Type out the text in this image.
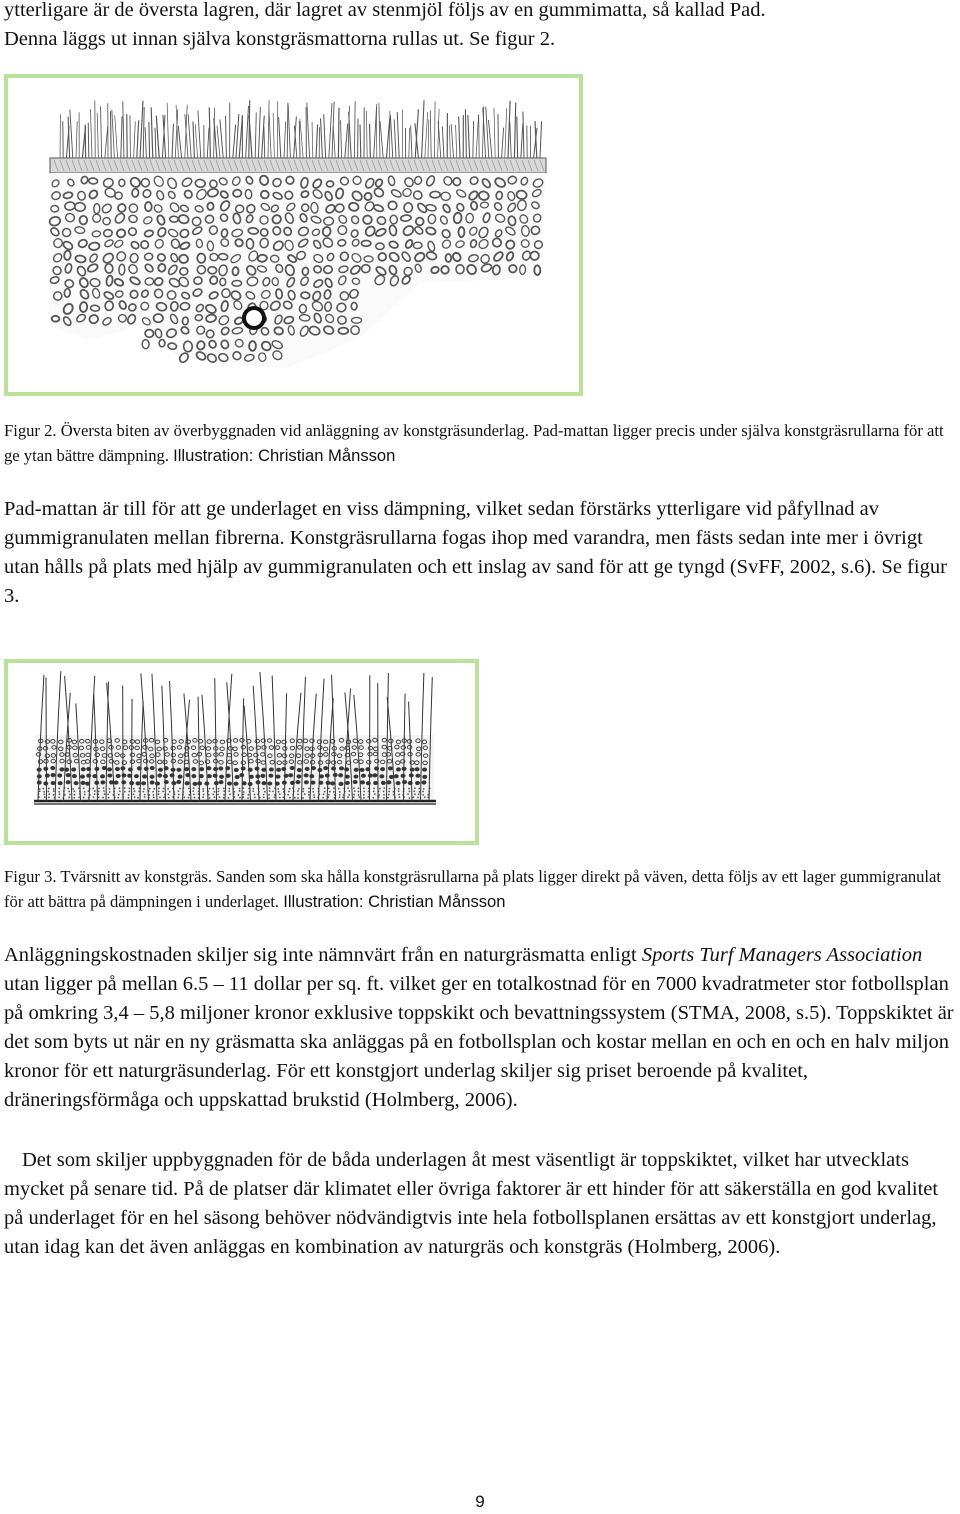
ytterligare är de översta lagren, där lagret av stenmjöl följs av en gummimatta, så kallad Pad.
Denna läggs ut innan själva konstgräsmattorna rullas ut. Se figur 2.

Figur 2. Översta biten av överbyggnaden vid anläggning av konstgräsunderlag. Pad-mattan ligger precis under själva konstgräsrullarna för att ge ytan bättre dämpning. Illustration: Christian Månsson

Pad-mattan är till för att ge underlaget en viss dämpning, vilket sedan förstärks ytterligare vid påfyllnad av gummigranulaten mellan fibrerna. Konstgräsrullarna fogas ihop med varandra, men fästs sedan inte mer i övrigt utan hålls på plats med hjälp av gummigranulaten och ett inslag av sand för att ge tyngd (SvFF, 2002, s.6). Se figur 3.

Figur 3. Tvärsnitt av konstgräs. Sanden som ska hålla konstgräsrullarna på plats ligger direkt på väven, detta följs av ett lager gummigranulat för att bättra på dämpningen i underlaget. Illustration: Christian Månsson

Anläggningskostnaden skiljer sig inte nämnvärt från en naturgräsmatta enligt Sports Turf Managers Association utan ligger på mellan 6.5 – 11 dollar per sq. ft. vilket ger en totalkostnad för en 7000 kvadratmeter stor fotbollsplan på omkring 3,4 – 5,8 miljoner kronor exklusive toppskikt och bevattningssystem (STMA, 2008, s.5). Toppskiktet är det som byts ut när en ny gräsmatta ska anläggas på en fotbollsplan och kostar mellan en och en och en halv miljon kronor för ett naturgräsunderlag. För ett konstgjort underlag skiljer sig priset beroende på kvalitet, dräneringsförmåga och uppskattad brukstid (Holmberg, 2006).

Det som skiljer uppbyggnaden för de båda underlagen åt mest väsentligt är toppskiktet, vilket har utvecklats mycket på senare tid. På de platser där klimatet eller övriga faktorer är ett hinder för att säkerställa en god kvalitet på underlaget för en hel säsong behöver nödvändigtvis inte hela fotbollsplanen ersättas av ett konstgjort underlag, utan idag kan det även anläggas en kombination av naturgräs och konstgräs (Holmberg, 2006).

9
